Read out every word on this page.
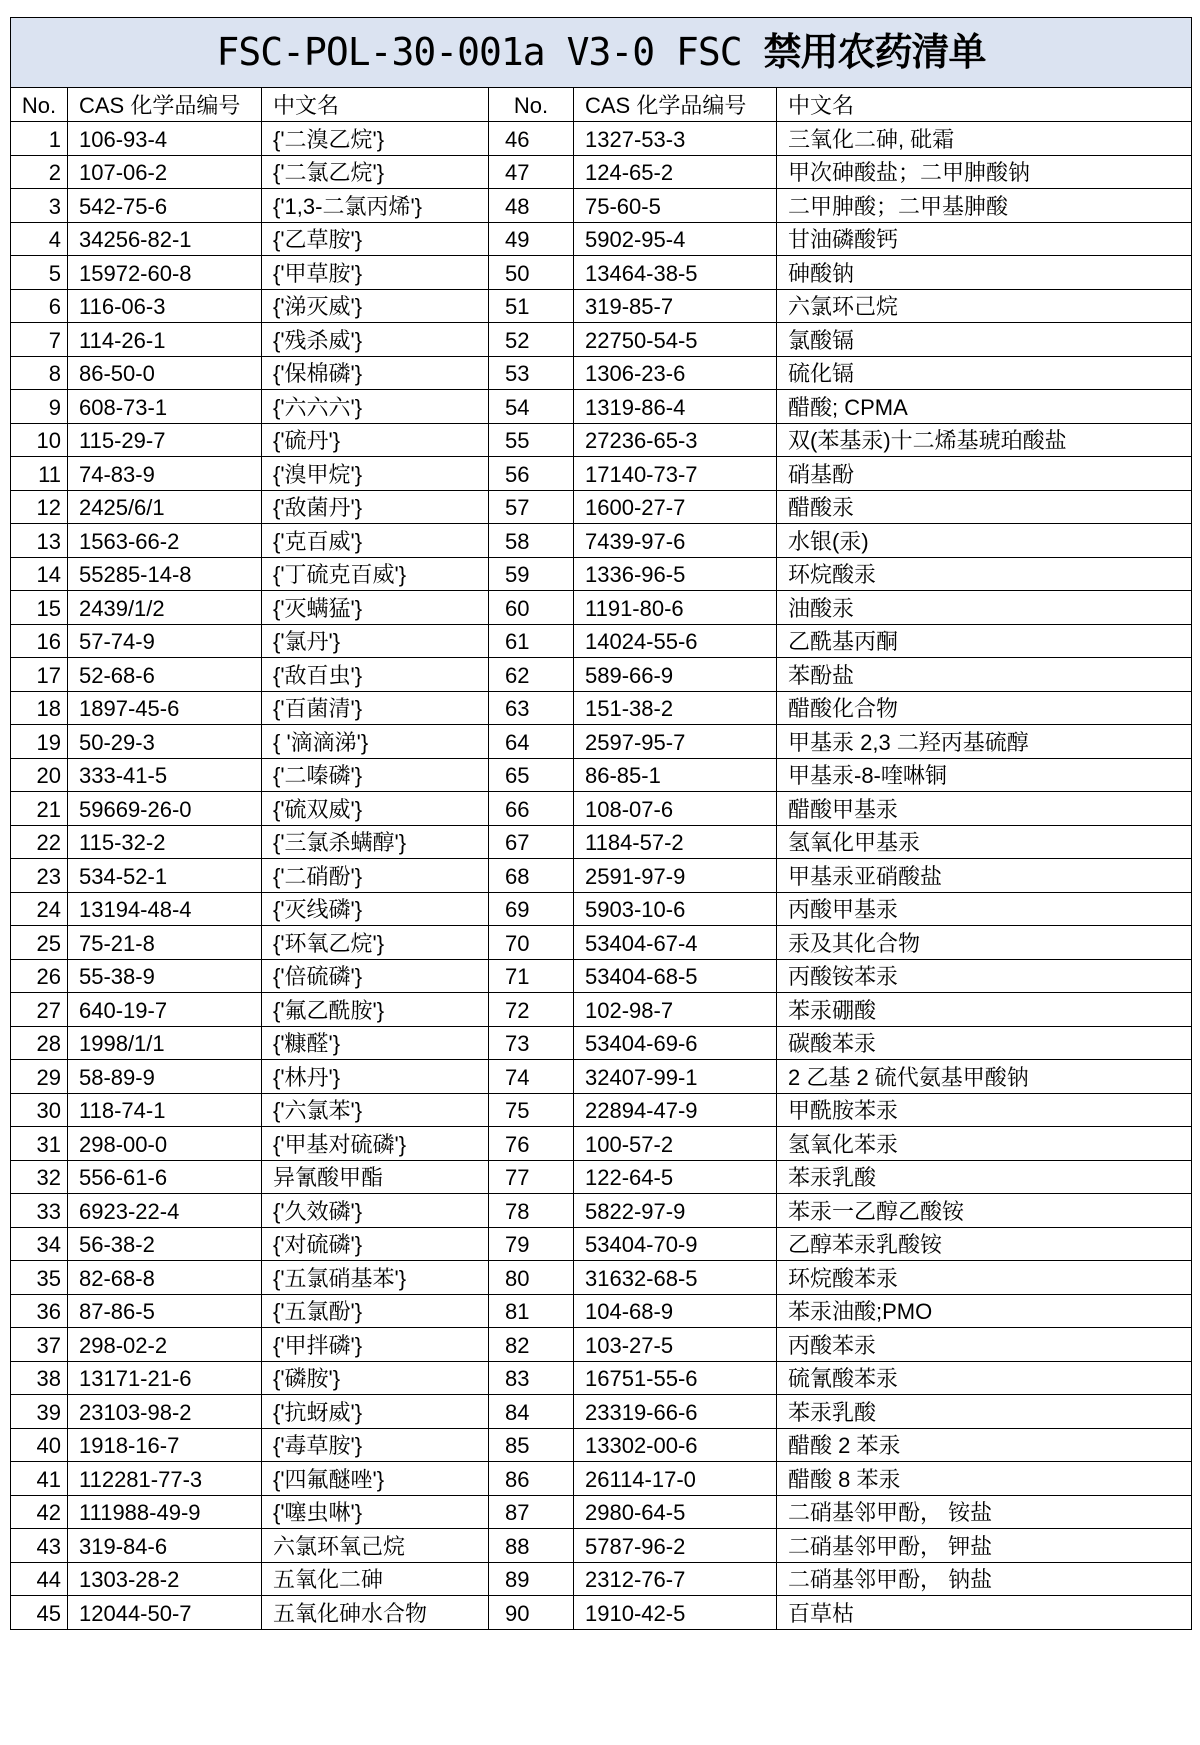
FSC-POL-30-001a V3-0 FSC 禁用农药清单					
No.	CAS 化学品编号	中文名	No.	CAS 化学品编号	中文名
1	106-93-4	{'二溴乙烷'}	46	1327-53-3	三氧化二砷, 砒霜
2	107-06-2	{'二氯乙烷'}	47	124-65-2	甲次砷酸盐；二甲胂酸钠
3	542-75-6	{'1,3-二氯丙烯'}	48	75-60-5	二甲胂酸；二甲基胂酸
4	34256-82-1	{'乙草胺'}	49	5902-95-4	甘油磷酸钙
5	15972-60-8	{'甲草胺'}	50	13464-38-5	砷酸钠
6	116-06-3	{'涕灭威'}	51	319-85-7	六氯环己烷
7	114-26-1	{'残杀威'}	52	22750-54-5	氯酸镉
8	86-50-0	{'保棉磷'}	53	1306-23-6	硫化镉
9	608-73-1	{'六六六'}	54	1319-86-4	醋酸; CPMA
10	115-29-7	{'硫丹'}	55	27236-65-3	双(苯基汞)十二烯基琥珀酸盐
11	74-83-9	{'溴甲烷'}	56	17140-73-7	硝基酚
12	2425/6/1	{'敌菌丹'}	57	1600-27-7	醋酸汞
13	1563-66-2	{'克百威'}	58	7439-97-6	水银(汞)
14	55285-14-8	{'丁硫克百威'}	59	1336-96-5	环烷酸汞
15	2439/1/2	{'灭螨猛'}	60	1191-80-6	油酸汞
16	57-74-9	{'氯丹'}	61	14024-55-6	乙酰基丙酮
17	52-68-6	{'敌百虫'}	62	589-66-9	苯酚盐
18	1897-45-6	{'百菌清'}	63	151-38-2	醋酸化合物
19	50-29-3	{ '滴滴涕'}	64	2597-95-7	甲基汞 2,3 二羟丙基硫醇
20	333-41-5	{'二嗪磷'}	65	86-85-1	甲基汞-8-喹啉铜
21	59669-26-0	{'硫双威'}	66	108-07-6	醋酸甲基汞
22	115-32-2	{'三氯杀螨醇'}	67	1184-57-2	氢氧化甲基汞
23	534-52-1	{'二硝酚'}	68	2591-97-9	甲基汞亚硝酸盐
24	13194-48-4	{'灭线磷'}	69	5903-10-6	丙酸甲基汞
25	75-21-8	{'环氧乙烷'}	70	53404-67-4	汞及其化合物
26	55-38-9	{'倍硫磷'}	71	53404-68-5	丙酸铵苯汞
27	640-19-7	{'氟乙酰胺'}	72	102-98-7	苯汞硼酸
28	1998/1/1	{'糠醛'}	73	53404-69-6	碳酸苯汞
29	58-89-9	{'林丹'}	74	32407-99-1	2 乙基 2 硫代氨基甲酸钠
30	118-74-1	{'六氯苯'}	75	22894-47-9	甲酰胺苯汞
31	298-00-0	{'甲基对硫磷'}	76	100-57-2	氢氧化苯汞
32	556-61-6	异氰酸甲酯	77	122-64-5	苯汞乳酸
33	6923-22-4	{'久效磷'}	78	5822-97-9	苯汞一乙醇乙酸铵
34	56-38-2	{'对硫磷'}	79	53404-70-9	乙醇苯汞乳酸铵
35	82-68-8	{'五氯硝基苯'}	80	31632-68-5	环烷酸苯汞
36	87-86-5	{'五氯酚'}	81	104-68-9	苯汞油酸;PMO
37	298-02-2	{'甲拌磷'}	82	103-27-5	丙酸苯汞
38	13171-21-6	{'磷胺'}	83	16751-55-6	硫氰酸苯汞
39	23103-98-2	{'抗蚜威'}	84	23319-66-6	苯汞乳酸
40	1918-16-7	{'毒草胺'}	85	13302-00-6	醋酸 2 苯汞
41	112281-77-3	{'四氟醚唑'}	86	26114-17-0	醋酸 8 苯汞
42	111988-49-9	{'噻虫啉'}	87	2980-64-5	二硝基邻甲酚， 铵盐
43	319-84-6	六氯环氧己烷	88	5787-96-2	二硝基邻甲酚， 钾盐
44	1303-28-2	五氧化二砷	89	2312-76-7	二硝基邻甲酚， 钠盐
45	12044-50-7	五氧化砷水合物	90	1910-42-5	百草枯
